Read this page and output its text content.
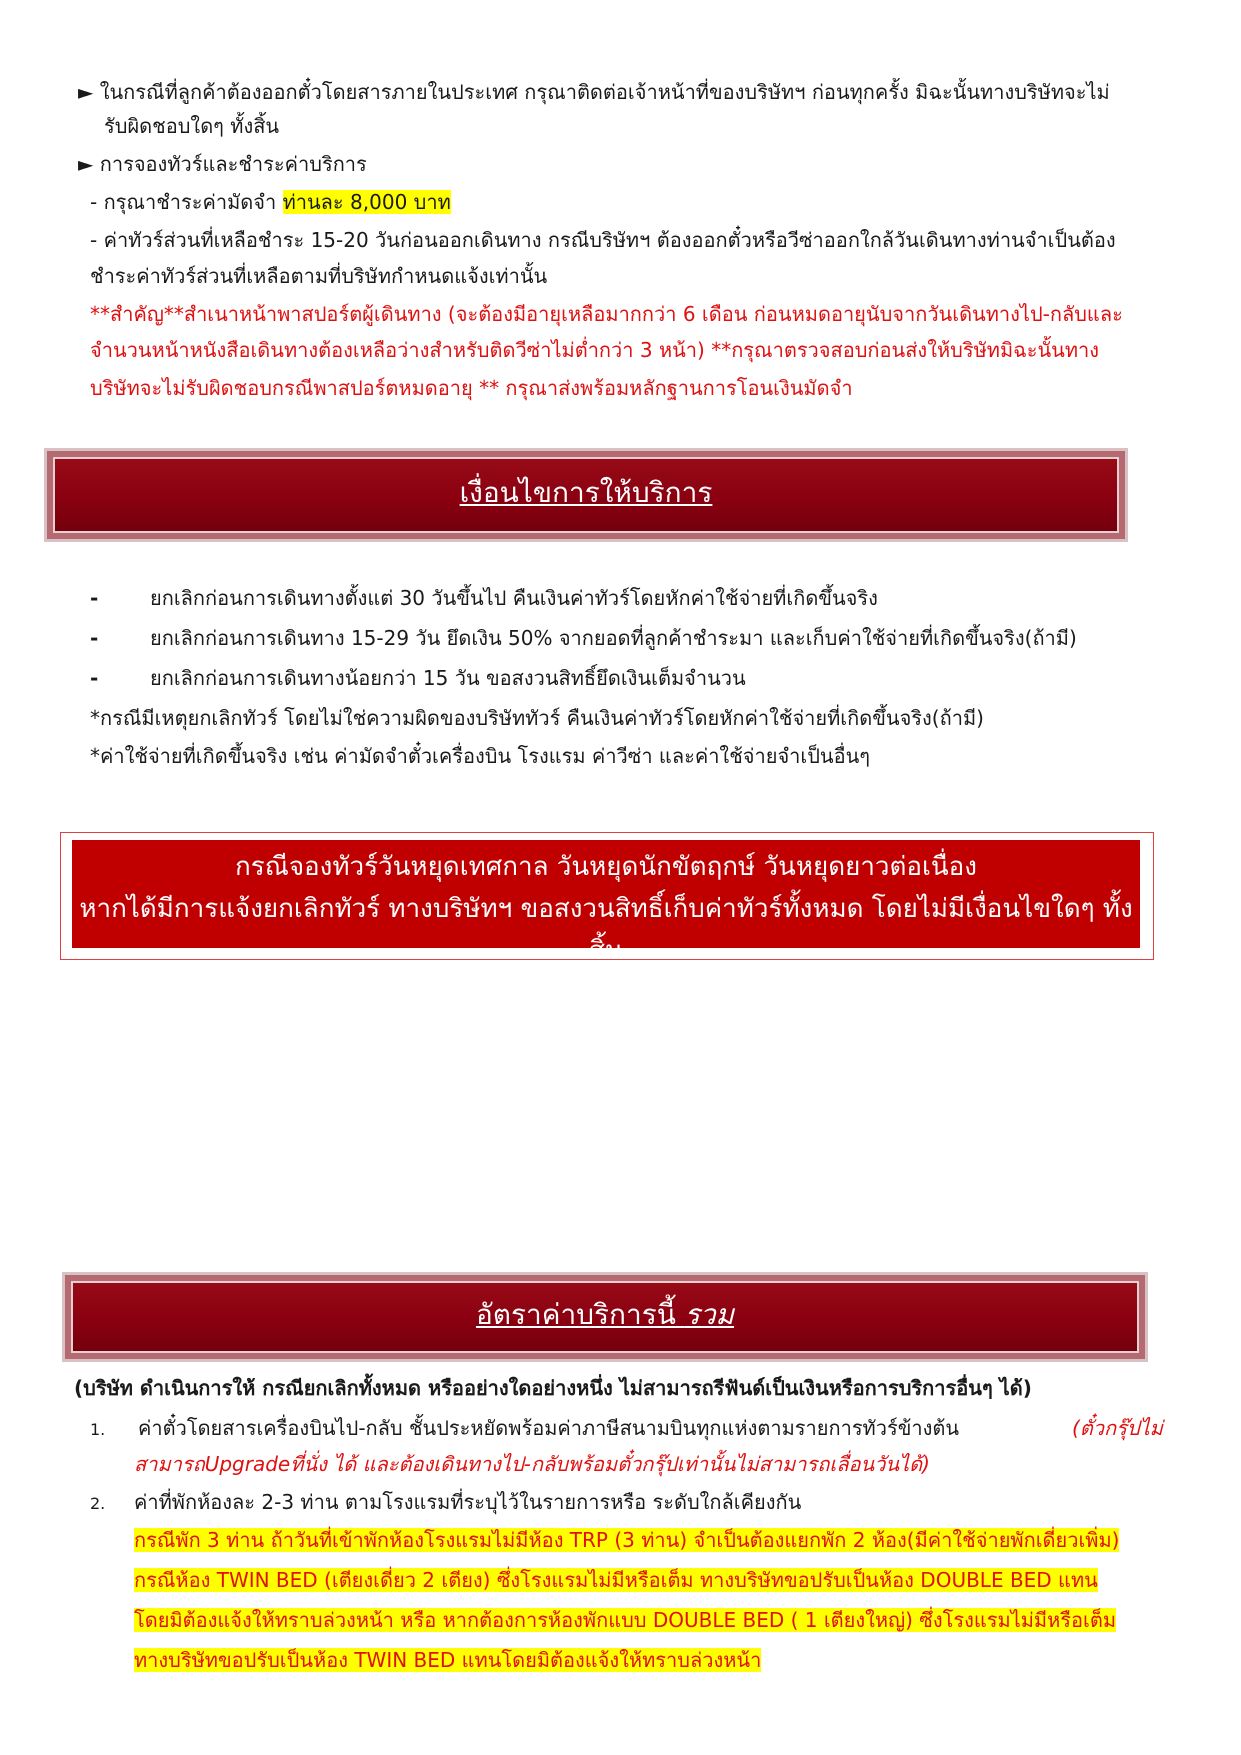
► ในกรณีที่ลูกค้าต้องออกตั๋วโดยสารภายในประเทศ กรุณาติดต่อเจ้าหน้าที่ของบริษัทฯ ก่อนทุกครั้ง มิฉะนั้นทางบริษัทจะไม่
รับผิดชอบใดๆ ทั้งสิ้น
► การจองทัวร์และชำระค่าบริการ
- กรุณาชำระค่ามัดจำ ท่านละ 8,000 บาท
- ค่าทัวร์ส่วนที่เหลือชำระ 15-20 วันก่อนออกเดินทาง กรณีบริษัทฯ ต้องออกตั๋วหรือวีซ่าออกใกล้วันเดินทางท่านจำเป็นต้อง
ชำระค่าทัวร์ส่วนที่เหลือตามที่บริษัทกำหนดแจ้งเท่านั้น
**สำคัญ**สำเนาหน้าพาสปอร์ตผู้เดินทาง (จะต้องมีอายุเหลือมากกว่า 6 เดือน ก่อนหมดอายุนับจากวันเดินทางไป-กลับและ
จำนวนหน้าหนังสือเดินทางต้องเหลือว่างสำหรับติดวีซ่าไม่ต่ำกว่า 3 หน้า) **กรุณาตรวจสอบก่อนส่งให้บริษัทมิฉะนั้นทาง
บริษัทจะไม่รับผิดชอบกรณีพาสปอร์ตหมดอายุ ** กรุณาส่งพร้อมหลักฐานการโอนเงินมัดจำ
เงื่อนไขการให้บริการ
-	ยกเลิกก่อนการเดินทางตั้งแต่ 30 วันขึ้นไป คืนเงินค่าทัวร์โดยหักค่าใช้จ่ายที่เกิดขึ้นจริง
-	ยกเลิกก่อนการเดินทาง 15-29 วัน ยึดเงิน 50% จากยอดที่ลูกค้าชำระมา และเก็บค่าใช้จ่ายที่เกิดขึ้นจริง(ถ้ามี)
-	ยกเลิกก่อนการเดินทางน้อยกว่า 15 วัน ขอสงวนสิทธิ์ยึดเงินเต็มจำนวน
*กรณีมีเหตุยกเลิกทัวร์ โดยไม่ใช่ความผิดของบริษัททัวร์ คืนเงินค่าทัวร์โดยหักค่าใช้จ่ายที่เกิดขึ้นจริง(ถ้ามี)
*ค่าใช้จ่ายที่เกิดขึ้นจริง เช่น ค่ามัดจำตั๋วเครื่องบิน โรงแรม ค่าวีซ่า และค่าใช้จ่ายจำเป็นอื่นๆ
กรณีจองทัวร์วันหยุดเทศกาล วันหยุดนักขัตฤกษ์ วันหยุดยาวต่อเนื่อง
หากได้มีการแจ้งยกเลิกทัวร์ ทางบริษัทฯ ขอสงวนสิทธิ์เก็บค่าทัวร์ทั้งหมด โดยไม่มีเงื่อนไขใดๆ ทั้งสิ้น
อัตราค่าบริการนี้ รวม
(บริษัท ดำเนินการให้ กรณียกเลิกทั้งหมด หรืออย่างใดอย่างหนึ่ง ไม่สามารถรีฟันด์เป็นเงินหรือการบริการอื่นๆ ได้)
1. ค่าตั๋วโดยสารเครื่องบินไป-กลับ ชั้นประหยัดพร้อมค่าภาษีสนามบินทุกแห่งตามรายการทัวร์ข้างต้น	(ตั๋วกรุ๊ปไม่
สามารถUpgradeที่นั่ง ได้ และต้องเดินทางไป-กลับพร้อมตั๋วกรุ๊ปเท่านั้นไม่สามารถเลื่อนวันได้)
2. ค่าที่พักห้องละ 2-3 ท่าน ตามโรงแรมที่ระบุไว้ในรายการหรือ ระดับใกล้เคียงกัน
กรณีพัก 3 ท่าน ถ้าวันที่เข้าพักห้องโรงแรมไม่มีห้อง TRP (3 ท่าน) จำเป็นต้องแยกพัก 2 ห้อง(มีค่าใช้จ่ายพักเดี่ยวเพิ่ม)
กรณีห้อง TWIN BED (เตียงเดี่ยว 2 เตียง) ซึ่งโรงแรมไม่มีหรือเต็ม ทางบริษัทขอปรับเป็นห้อง DOUBLE BED แทน
โดยมิต้องแจ้งให้ทราบล่วงหน้า หรือ หากต้องการห้องพักแบบ DOUBLE BED ( 1 เตียงใหญ่) ซึ่งโรงแรมไม่มีหรือเต็ม
ทางบริษัทขอปรับเป็นห้อง TWIN BED แทนโดยมิต้องแจ้งให้ทราบล่วงหน้า
